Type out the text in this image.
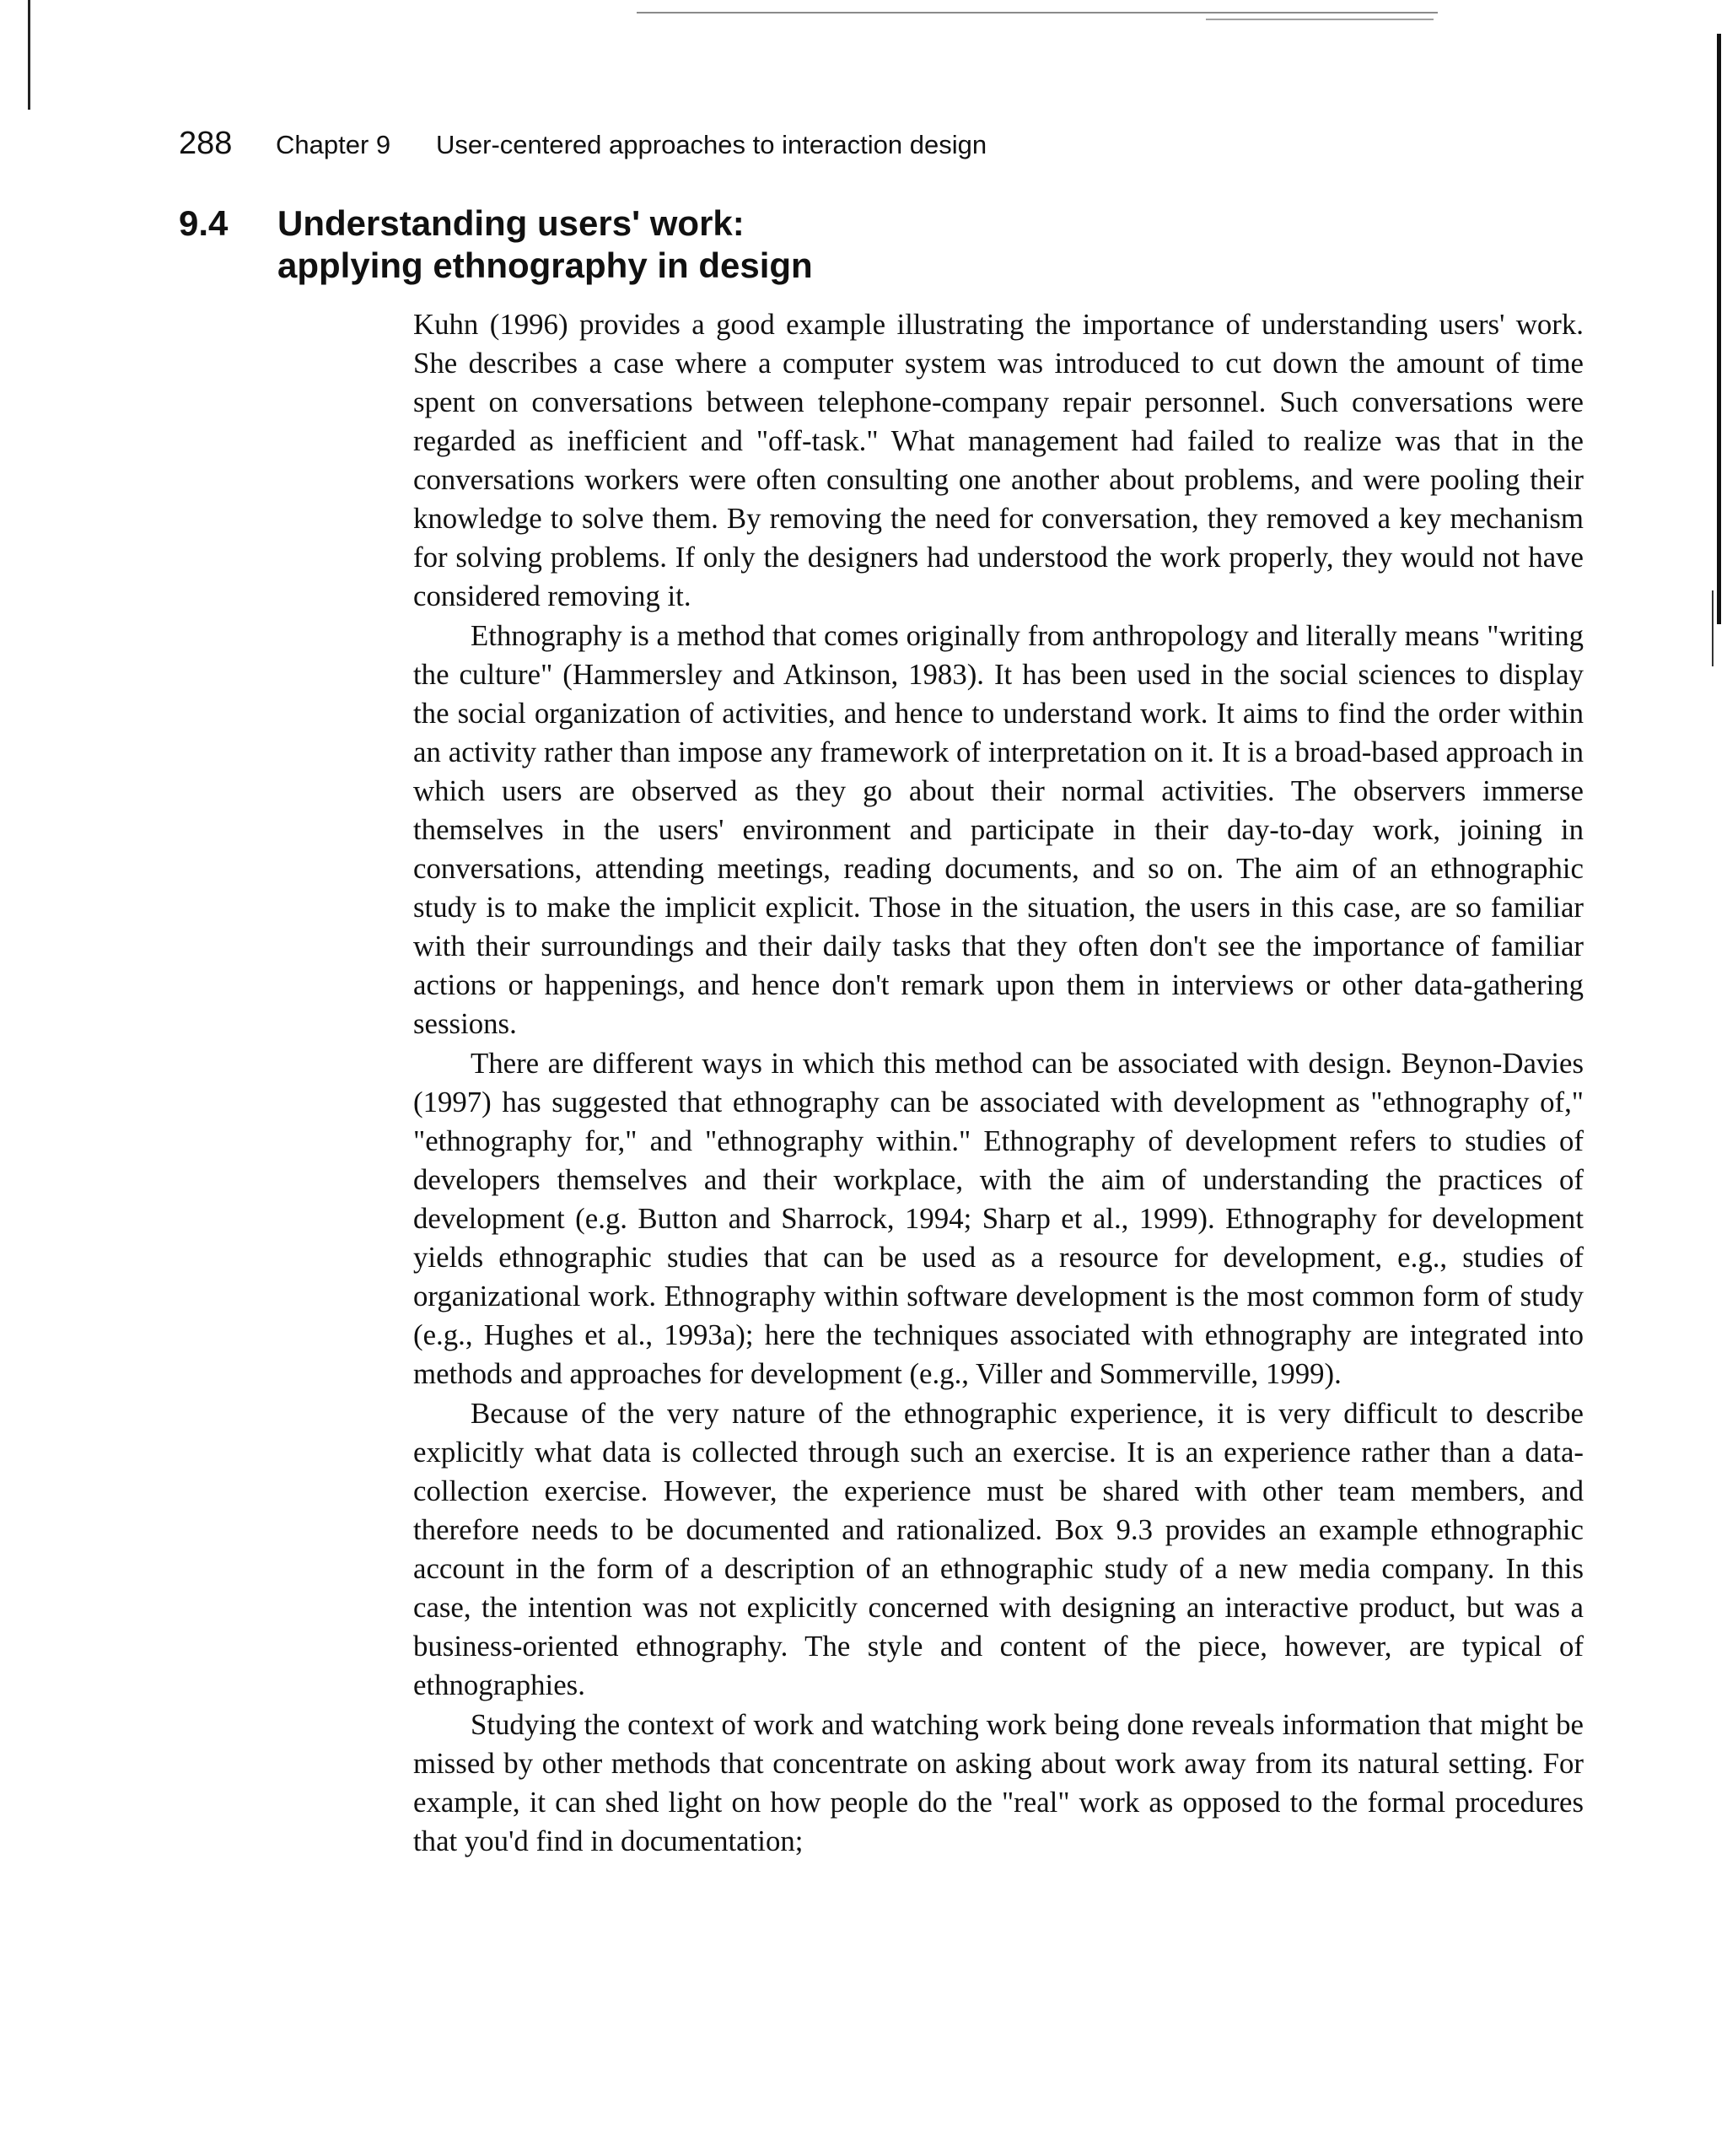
288 Chapter 9 User-centered approaches to interaction design
9.4 Understanding users' work:
applying ethnography in design

Kuhn (1996) provides a good example illustrating the importance of understanding users' work. She describes a case where a computer system was introduced to cut down the amount of time spent on conversations between telephone-company repair personnel. Such conversations were regarded as inefficient and "off-task." What management had failed to realize was that in the conversations workers were often consulting one another about problems, and were pooling their knowledge to solve them. By removing the need for conversation, they removed a key mechanism for solving problems. If only the designers had understood the work properly, they would not have considered removing it.

Ethnography is a method that comes originally from anthropology and literally means "writing the culture" (Hammersley and Atkinson, 1983). It has been used in the social sciences to display the social organization of activities, and hence to understand work. It aims to find the order within an activity rather than impose any framework of interpretation on it. It is a broad-based approach in which users are observed as they go about their normal activities. The observers immerse themselves in the users' environment and participate in their day-to-day work, joining in conversations, attending meetings, reading documents, and so on. The aim of an ethnographic study is to make the implicit explicit. Those in the situation, the users in this case, are so familiar with their surroundings and their daily tasks that they often don't see the importance of familiar actions or happenings, and hence don't remark upon them in interviews or other data-gathering sessions.

There are different ways in which this method can be associated with design. Beynon-Davies (1997) has suggested that ethnography can be associated with development as "ethnography of," "ethnography for," and "ethnography within." Ethnography of development refers to studies of developers themselves and their workplace, with the aim of understanding the practices of development (e.g. Button and Sharrock, 1994; Sharp et al., 1999). Ethnography for development yields ethnographic studies that can be used as a resource for development, e.g., studies of organizational work. Ethnography within software development is the most common form of study (e.g., Hughes et al., 1993a); here the techniques associated with ethnography are integrated into methods and approaches for development (e.g., Viller and Sommerville, 1999).

Because of the very nature of the ethnographic experience, it is very difficult to describe explicitly what data is collected through such an exercise. It is an experience rather than a data-collection exercise. However, the experience must be shared with other team members, and therefore needs to be documented and rationalized. Box 9.3 provides an example ethnographic account in the form of a description of an ethnographic study of a new media company. In this case, the intention was not explicitly concerned with designing an interactive product, but was a business-oriented ethnography. The style and content of the piece, however, are typical of ethnographies.

Studying the context of work and watching work being done reveals information that might be missed by other methods that concentrate on asking about work away from its natural setting. For example, it can shed light on how people do the "real" work as opposed to the formal procedures that you'd find in documentation;
